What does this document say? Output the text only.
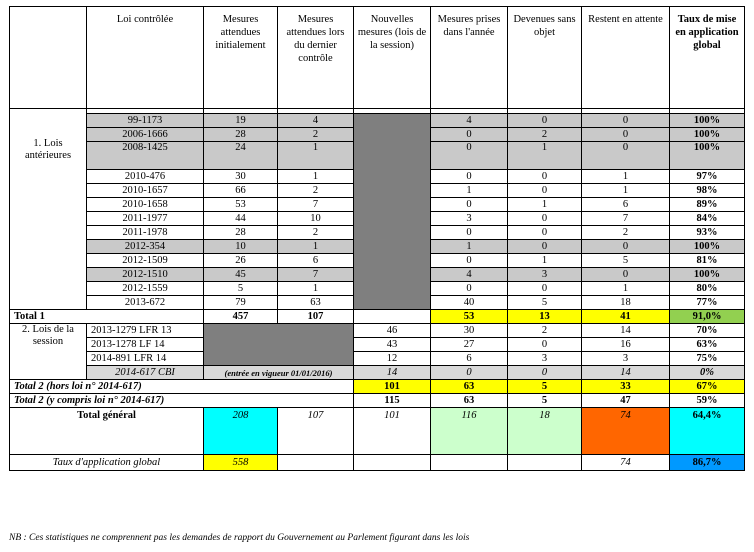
	Loi contrôlée	Mesures attendues initialement	Mesures attendues lors du dernier contrôle	Nouvelles mesures (lois de la session)	Mesures prises dans l'année	Devenues sans objet	Restent en attente	Taux de mise en application global

1. Lois antérieures	99-1173	19	4		4	0	0	100%
	2006-1666	28	2		0	2	0	100%
	2008-1425	24	1		0	1	0	100%
	2010-476	30	1		0	0	1	97%
	2010-1657	66	2		1	0	1	98%
	2010-1658	53	7		0	1	6	89%
	2011-1977	44	10		3	0	7	84%
	2011-1978	28	2		0	0	2	93%
	2012-354	10	1		1	0	0	100%
	2012-1509	26	6		0	1	5	81%
	2012-1510	45	7		4	3	0	100%
	2012-1559	5	1		0	0	1	80%
	2013-672	79	63		40	5	18	77%
Total 1		457	107		53	13	41	91,0%
2. Lois de la session	2013-1279 LFR 13			46	30	2	14	70%
	2013-1278 LF 14			43	27	0	16	63%
	2014-891 LFR 14			12	6	3	3	75%
	2014-617 CBI	(entrée en vigueur 01/01/2016)		14	0	0	14	0%
Total 2 (hors loi n° 2014-617)				101	63	5	33	67%
Total 2 (y compris loi n° 2014-617)				115	63	5	47	59%
Total général		208	107	101	116	18	74	64,4%
Taux d'application global		558					74	86,7%
NB : Ces statistiques ne comprennent pas les demandes de rapport du Gouvernement au Parlement figurant dans les lois
